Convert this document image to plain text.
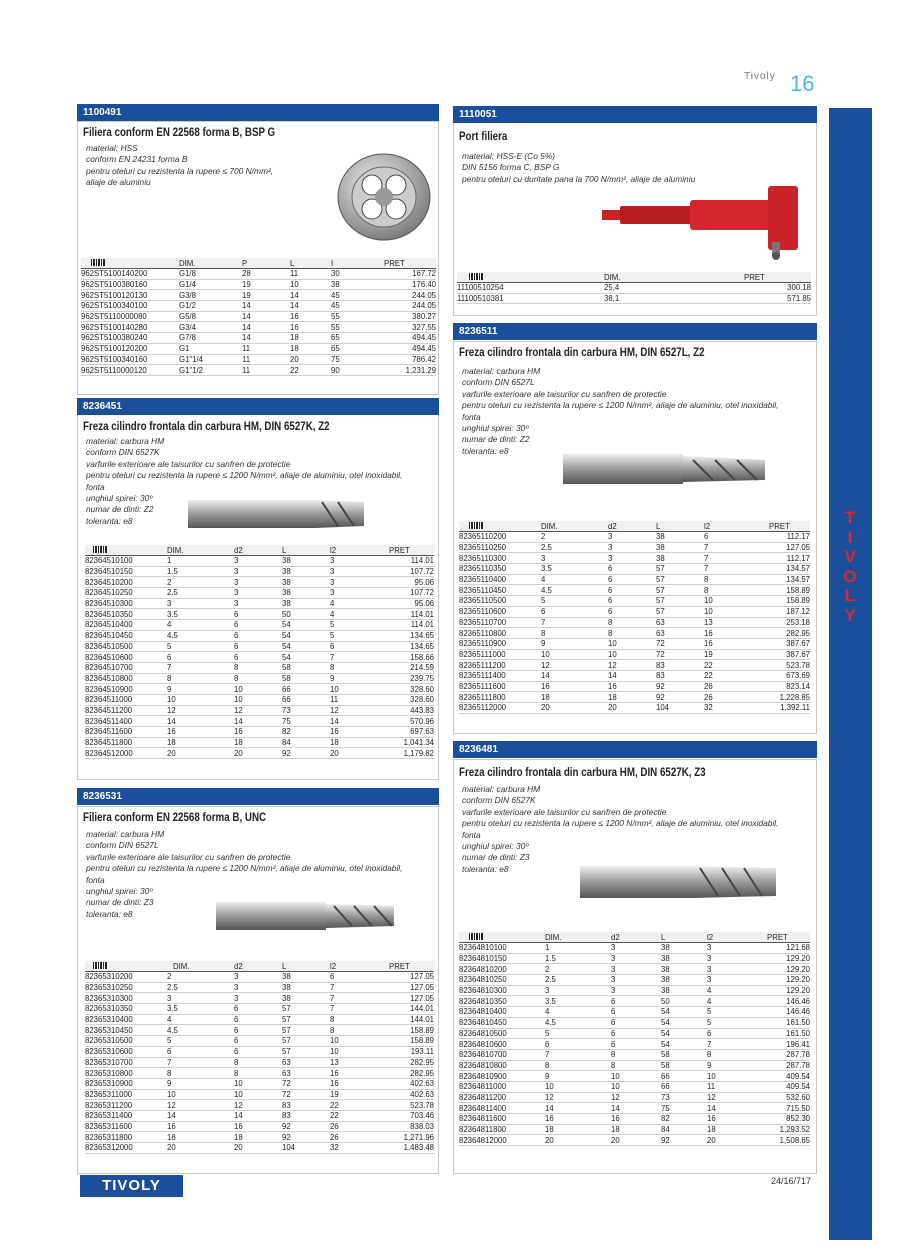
Tivoly 16
T
I
V
O
L
Y
1100491
Filiera conform EN 22568 forma B, BSP G
material: HSS
conform EN 24231 forma B
pentru oteluri cu rezistenta la rupere ≤ 700 N/mm²,
aliaje de aluminiu
	DIM.	P	L	I	PRET
962ST5100140200	G1/8	28	11	30	167.72
962ST5100380160	G1/4	19	10	38	176.40
962ST5100120130	G3/8	19	14	45	244.05
962ST5100340100	G1/2	14	14	45	244.05
962ST5110000080	G5/8	14	16	55	380.27
962ST5100140280	G3/4	14	16	55	327.55
962ST5100380240	G7/8	14	18	65	494.45
962ST5100120200	G1	11	18	65	494.45
962ST5100340160	G1"1/4	11	20	75	786.42
962ST5110000120	G1"1/2	11	22	90	1,231.29
1110051
Port filiera
material: HSS-E (Co 5%)
DIN 5156 forma C, BSP G
pentru oteluri cu duritate pana la 700 N/mm², aliaje de aluminiu
	DIM.	PRET
11100510254	25,4	300.18
11100510381	38,1	571.85
8236451
Freza cilindro frontala din carbura HM, DIN 6527K, Z2
material: carbura HM
conform DIN 6527K
varfurile exterioare ale taisurilor cu sanfren de protectie
pentru oteluri cu rezistenta la rupere ≤ 1200 N/mm², aliaje de aluminiu, otel inoxidabil,
fonta
unghiul spirei: 30º
numar de dinti: Z2
toleranta: e8
	DIM.	d2	L	l2	PRET
82364510100	1	3	38	3	114.01
82364510150	1.5	3	38	3	107.72
82364510200	2	3	38	3	95.06
82364510250	2.5	3	38	3	107.72
82364510300	3	3	38	4	95.06
82364510350	3.5	6	50	4	114.01
82364510400	4	6	54	5	114.01
82364510450	4.5	6	54	5	134.65
82364510500	5	6	54	6	134.65
82364510600	6	6	54	7	158.66
82364510700	7	8	58	8	214.59
82364510800	8	8	58	9	239.75
82364510900	9	10	66	10	328.60
82364511000	10	10	66	11	328.60
82364511200	12	12	73	12	443.83
82364511400	14	14	75	14	570.96
82364511600	16	16	82	16	697.63
82364511800	18	18	84	18	1,041.34
82364512000	20	20	92	20	1,179.82
8236511
Freza cilindro frontala din carbura HM, DIN 6527L, Z2
material: carbura HM
conform DIN 6527L
varfurile exterioare ale taisurilor cu sanfren de protectie
pentru oteluri cu rezistenta la rupere ≤ 1200 N/mm², aliaje de aluminiu, otel inoxidabil,
fonta
unghiul spirei: 30º
numar de dinti: Z2
toleranta: e8
	DIM.	d2	L	l2	PRET
82365110200	2	3	38	6	112.17
82365110250	2.5	3	38	7	127.05
82365110300	3	3	38	7	112.17
82365110350	3.5	6	57	7	134.57
82365110400	4	6	57	8	134.57
82365110450	4.5	6	57	8	158.89
82365110500	5	6	57	10	158.89
82365110600	6	6	57	10	187.12
82365110700	7	8	63	13	253.18
82365110800	8	8	63	16	282.95
82365110900	9	10	72	16	387.67
82365111000	10	10	72	19	387.67
82365111200	12	12	83	22	523.78
82365111400	14	14	83	22	673.69
82365111600	16	16	92	26	823.14
82365111800	18	18	92	26	1,228.85
82365112000	20	20	104	32	1,392.11
8236531
Filiera conform EN 22568 forma B, UNC
material: carbura HM
conform DIN 6527L
varfurile exterioare ale taisurilor cu sanfren de protectie
pentru oteluri cu rezistenta la rupere ≤ 1200 N/mm², aliaje de aluminiu, otel inoxidabil,
fonta
unghiul spirei: 30º
numar de dinti: Z3
toleranta: e8
	DIM.	d2	L	l2	PRET
82365310200	2	3	38	6	127.05
82365310250	2.5	3	38	7	127.05
82365310300	3	3	38	7	127.05
82365310350	3.5	6	57	7	144.01
82365310400	4	6	57	8	144.01
82365310450	4.5	6	57	8	158.89
82365310500	5	6	57	10	158.89
82365310600	6	6	57	10	193.11
82365310700	7	8	63	13	282.95
82365310800	8	8	63	16	282.95
82365310900	9	10	72	16	402.63
82365311000	10	10	72	19	402.63
82365311200	12	12	83	22	523.78
82365311400	14	14	83	22	703.46
82365311600	16	16	92	26	838.03
82365311800	18	18	92	26	1,271.96
82365312000	20	20	104	32	1,483.48
8236481
Freza cilindro frontala din carbura HM, DIN 6527K, Z3
material: carbura HM
conform DIN 6527K
varfurile exterioare ale taisurilor cu sanfren de protectie
pentru oteluri cu rezistenta la rupere ≤ 1200 N/mm², aliaje de aluminiu, otel inoxidabil,
fonta
unghiul spirei: 30º
numar de dinti: Z3
toleranta: e8
	DIM.	d2	L	l2	PRET
82364810100	1	3	38	3	121.68
82364810150	1.5	3	38	3	129.20
82364810200	2	3	38	3	129.20
82364810250	2.5	3	38	3	129.20
82364810300	3	3	38	4	129.20
82364810350	3.5	6	50	4	146.46
82364810400	4	6	54	5	146.46
82364810450	4.5	6	54	5	161.50
82364810500	5	6	54	6	161.50
82364810600	6	6	54	7	196.41
82364810700	7	8	58	8	287.78
82364810800	8	8	58	9	287.78
82364810900	9	10	66	10	409.54
82364811000	10	10	66	11	409.54
82364811200	12	12	73	12	532.60
82364811400	14	14	75	14	715.50
82364811600	16	16	82	16	852.30
82364811800	18	18	84	18	1,293.52
82364812000	20	20	92	20	1,508.65
TIVOLY	24/16/717
